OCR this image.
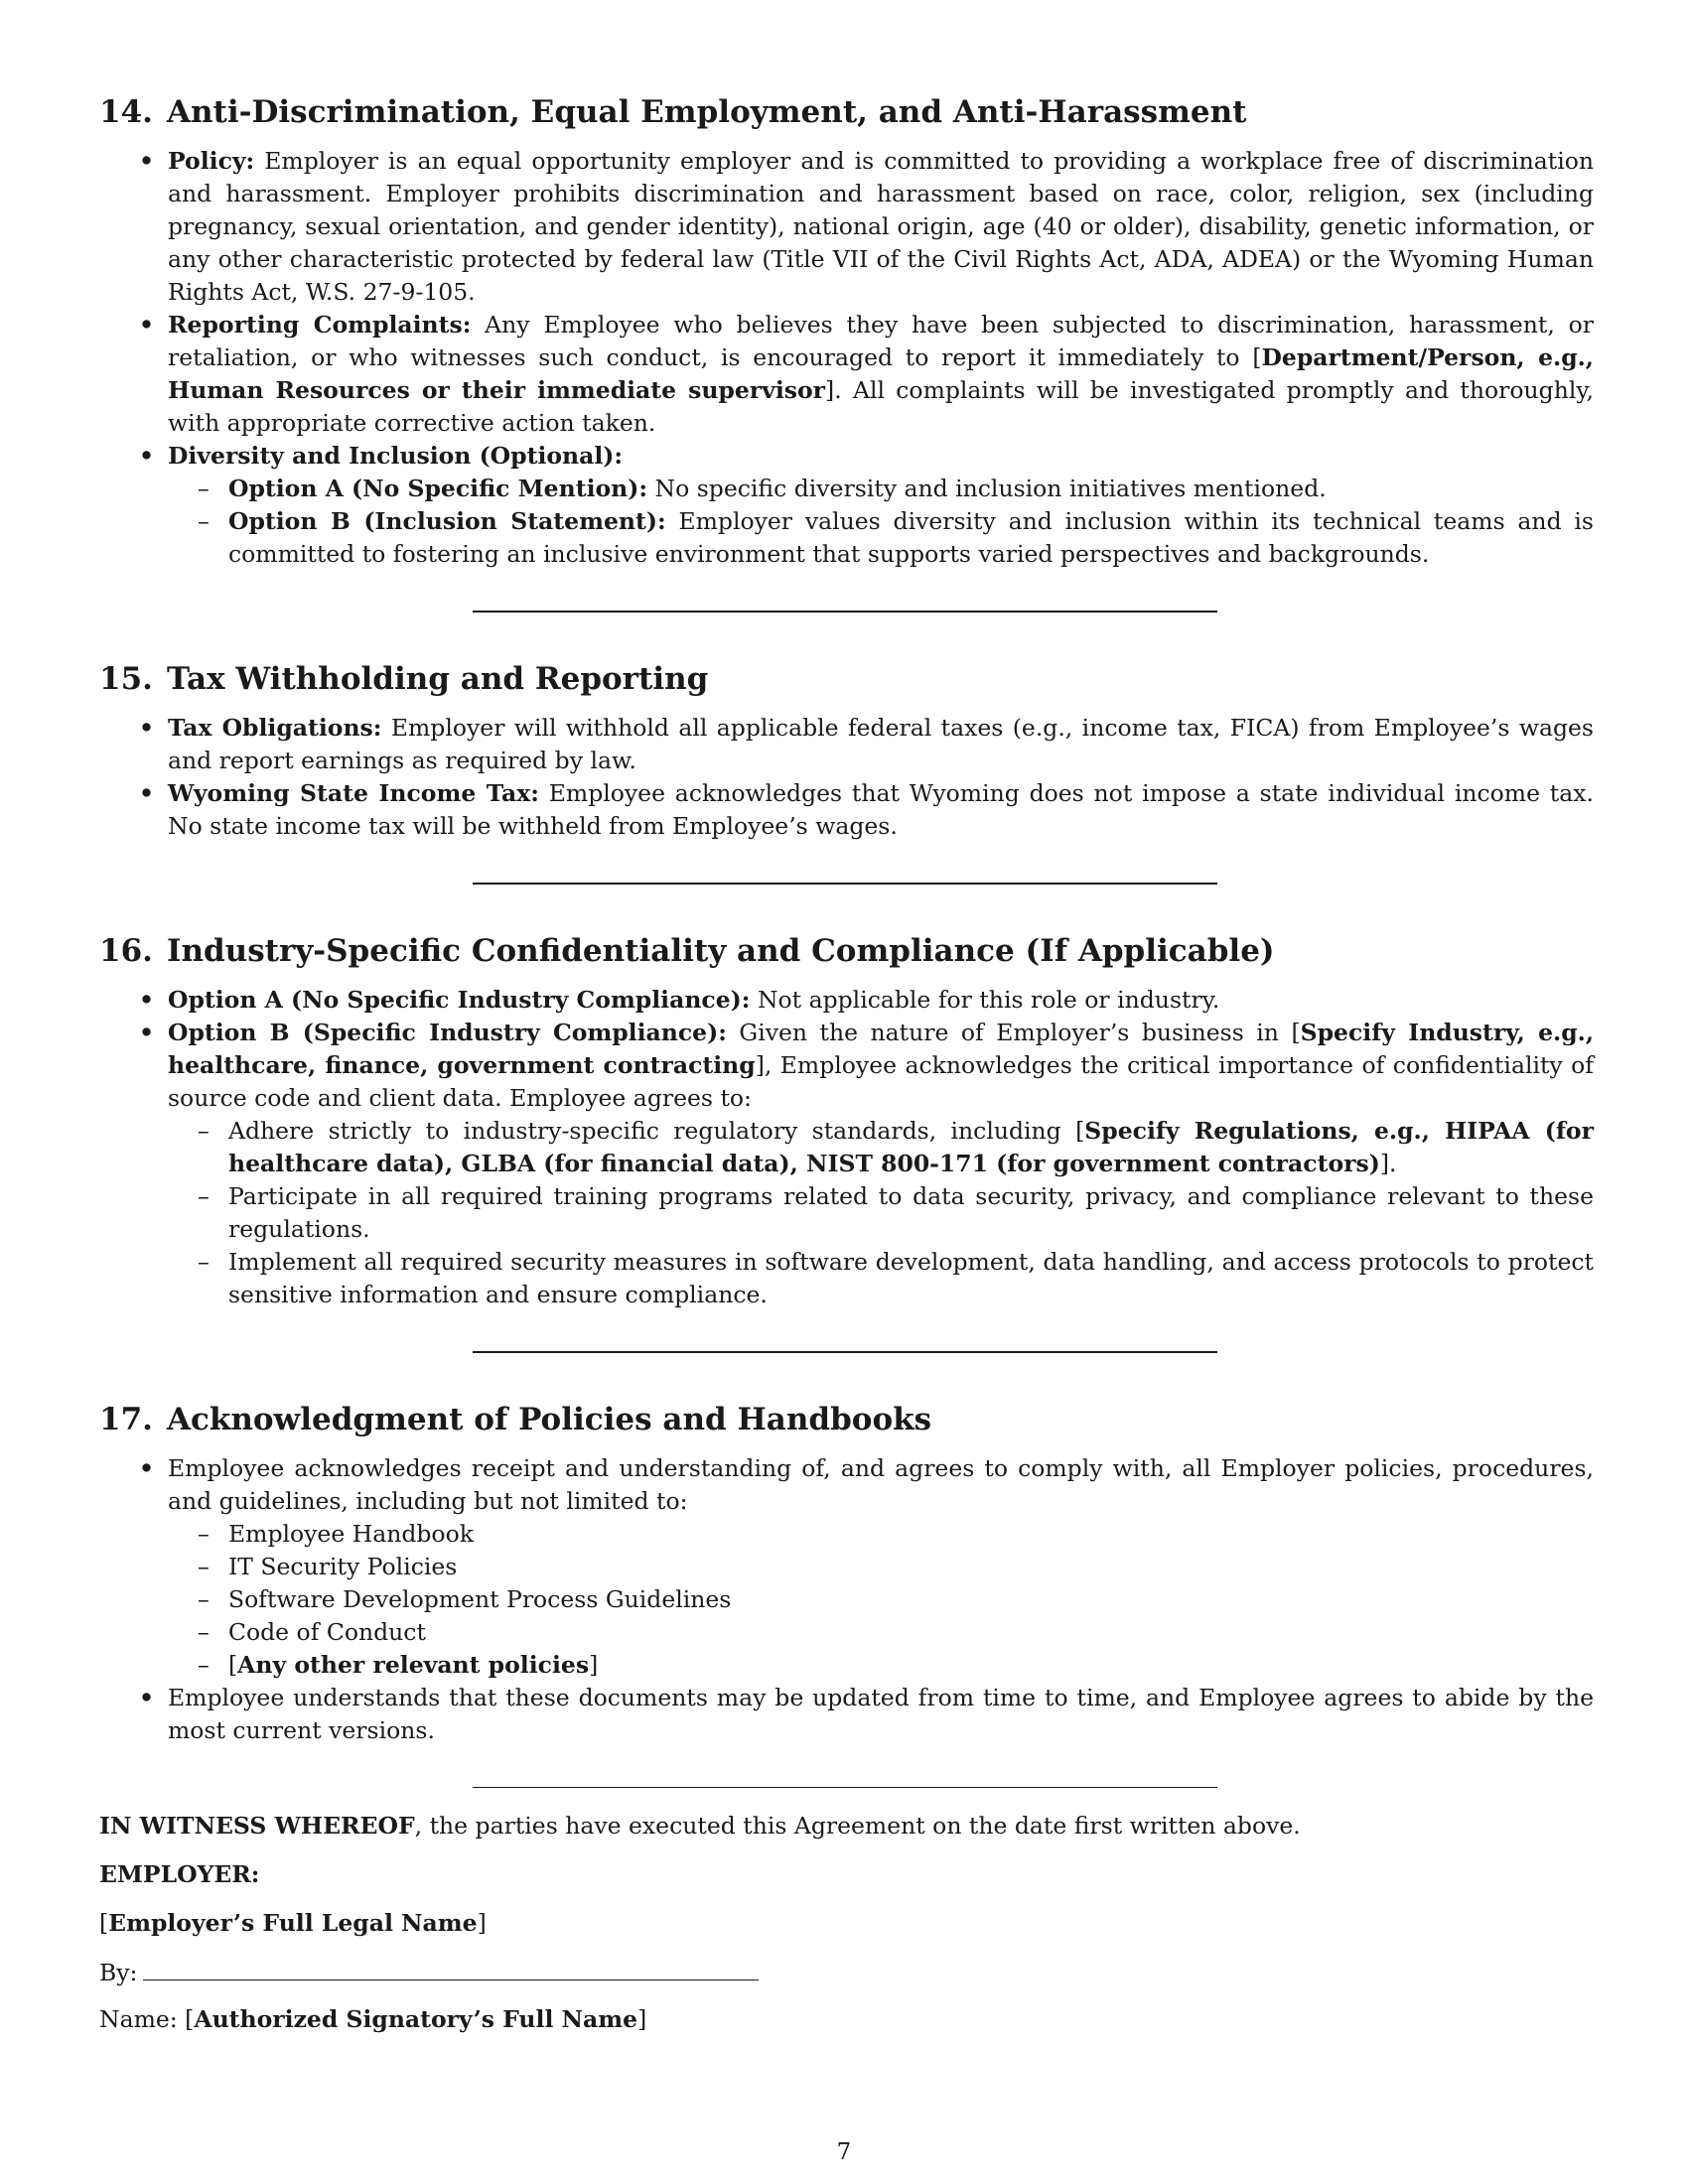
14. Anti-Discrimination, Equal Employment, and Anti-Harassment
• Policy: Employer is an equal opportunity employer and is committed to providing a workplace free of discrimination and harassment. Employer prohibits discrimination and harassment based on race, color, religion, sex (including pregnancy, sexual orientation, and gender identity), national origin, age (40 or older), disability, genetic information, or any other characteristic protected by federal law (Title VII of the Civil Rights Act, ADA, ADEA) or the Wyoming Human Rights Act, W.S. 27-9-105.
• Reporting Complaints: Any Employee who believes they have been subjected to discrimination, harassment, or retaliation, or who witnesses such conduct, is encouraged to report it immediately to [Department/Person, e.g., Human Resources or their immediate supervisor]. All complaints will be investigated promptly and thoroughly, with appropriate corrective action taken.
• Diversity and Inclusion (Optional):
– Option A (No Specific Mention): No specific diversity and inclusion initiatives mentioned.
– Option B (Inclusion Statement): Employer values diversity and inclusion within its technical teams and is committed to fostering an inclusive environment that supports varied perspectives and backgrounds.
15. Tax Withholding and Reporting
• Tax Obligations: Employer will withhold all applicable federal taxes (e.g., income tax, FICA) from Employee’s wages and report earnings as required by law.
• Wyoming State Income Tax: Employee acknowledges that Wyoming does not impose a state individual income tax. No state income tax will be withheld from Employee’s wages.
16. Industry-Specific Confidentiality and Compliance (If Applicable)
• Option A (No Specific Industry Compliance): Not applicable for this role or industry.
• Option B (Specific Industry Compliance): Given the nature of Employer’s business in [Specify Industry, e.g., healthcare, finance, government contracting], Employee acknowledges the critical importance of confidentiality of source code and client data. Employee agrees to:
– Adhere strictly to industry-specific regulatory standards, including [Specify Regulations, e.g., HIPAA (for healthcare data), GLBA (for financial data), NIST 800-171 (for government contractors)].
– Participate in all required training programs related to data security, privacy, and compliance relevant to these regulations.
– Implement all required security measures in software development, data handling, and access protocols to protect sensitive information and ensure compliance.
17. Acknowledgment of Policies and Handbooks
• Employee acknowledges receipt and understanding of, and agrees to comply with, all Employer policies, procedures, and guidelines, including but not limited to:
– Employee Handbook
– IT Security Policies
– Software Development Process Guidelines
– Code of Conduct
– [Any other relevant policies]
• Employee understands that these documents may be updated from time to time, and Employee agrees to abide by the most current versions.

IN WITNESS WHEREOF, the parties have executed this Agreement on the date first written above.

EMPLOYER:

[Employer’s Full Legal Name]

By:

Name: [Authorized Signatory’s Full Name]

7
